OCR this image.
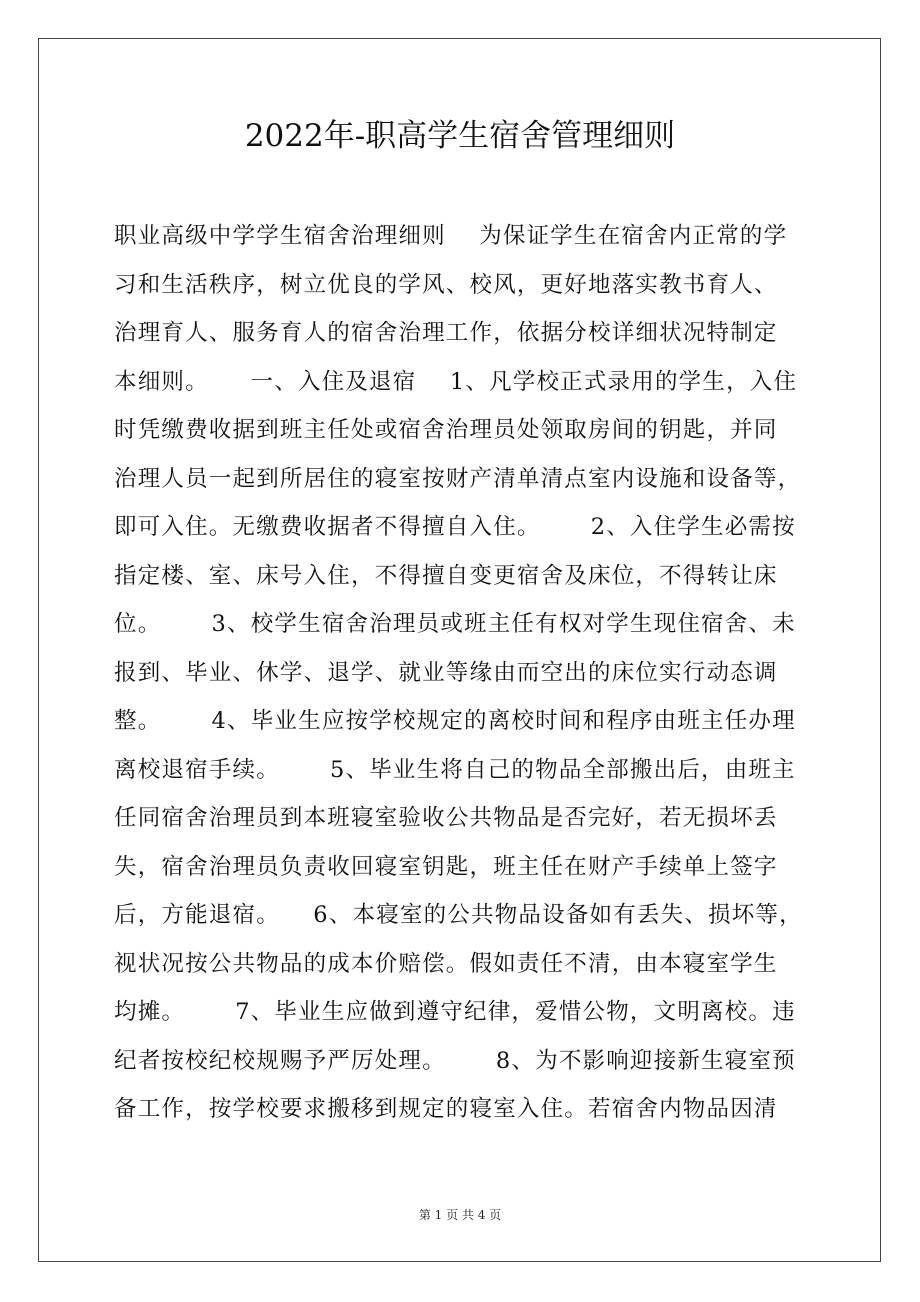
2022年-职高学生宿舍管理细则
职业高级中学学生宿舍治理细则    为保证学生在宿舍内正常的学
习和生活秩序，树立优良的学风、校风，更好地落实教书育人、
治理育人、服务育人的宿舍治理工作，依据分校详细状况特制定
本细则。     一、入住及退宿    1、凡学校正式录用的学生，入住
时凭缴费收据到班主任处或宿舍治理员处领取房间的钥匙，并同
治理人员一起到所居住的寝室按财产清单清点室内设施和设备等，
即可入住。无缴费收据者不得擅自入住。      2、入住学生必需按
指定楼、室、床号入住，不得擅自变更宿舍及床位，不得转让床
位。      3、校学生宿舍治理员或班主任有权对学生现住宿舍、未
报到、毕业、休学、退学、就业等缘由而空出的床位实行动态调
整。      4、毕业生应按学校规定的离校时间和程序由班主任办理
离校退宿手续。      5、毕业生将自己的物品全部搬出后，由班主
任同宿舍治理员到本班寝室验收公共物品是否完好，若无损坏丢
失，宿舍治理员负责收回寝室钥匙，班主任在财产手续单上签字
后，方能退宿。    6、本寝室的公共物品设备如有丢失、损坏等，
视状况按公共物品的成本价赔偿。假如责任不清，由本寝室学生
均摊。      7、毕业生应做到遵守纪律，爱惜公物，文明离校。违
纪者按校纪校规赐予严厉处理。      8、为不影响迎接新生寝室预
备工作，按学校要求搬移到规定的寝室入住。若宿舍内物品因清
第 1 页 共 4 页
